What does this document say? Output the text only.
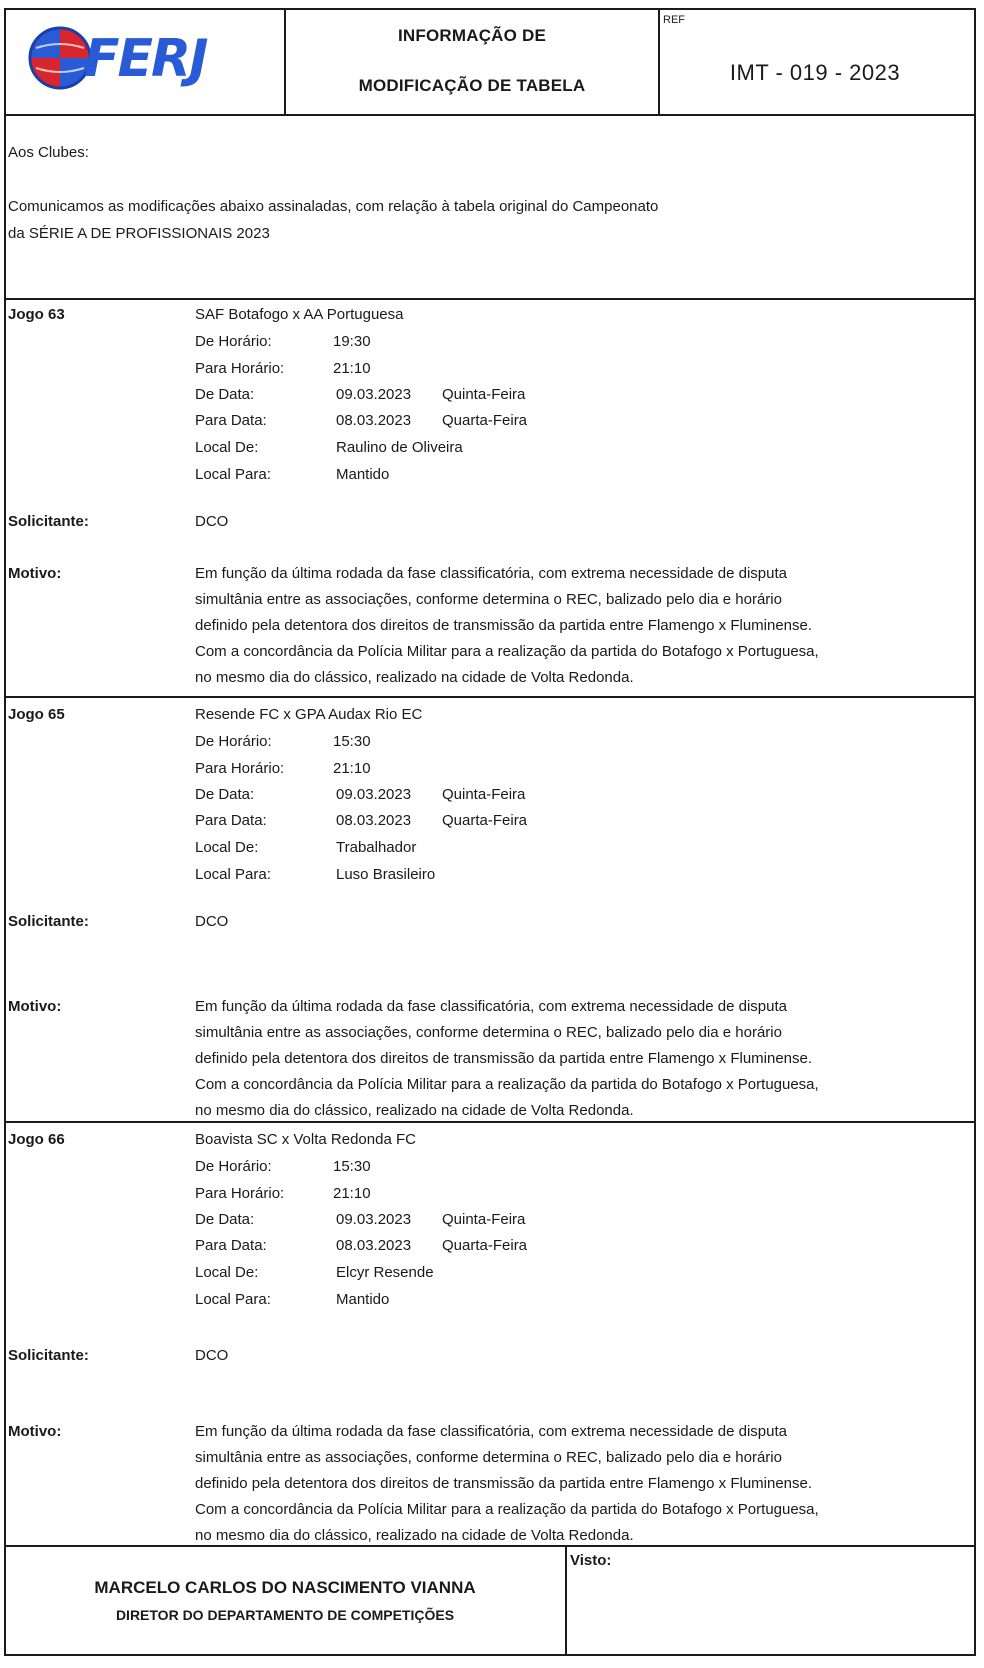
FERJ	INFORMAÇÃO DE
MODIFICAÇÃO DE TABELA
REF
IMT - 019 - 2023
Aos Clubes:
Comunicamos as modificações abaixo assinaladas, com relação à tabela original do Campeonato
da SÉRIE A DE PROFISSIONAIS 2023
Jogo 63	SAF Botafogo x AA Portuguesa
De Horário:	19:30
Para Horário:	21:10
De Data:	09.03.2023 Quinta-Feira
Para Data:	08.03.2023 Quarta-Feira
Local De:	Raulino de Oliveira
Local Para:	Mantido
Solicitante:	DCO
Motivo:	Em função da última rodada da fase classificatória, com extrema necessidade de disputa
simultânia entre as associações, conforme determina o REC, balizado pelo dia e horário
definido pela detentora dos direitos de transmissão da partida entre Flamengo x Fluminense.
Com a concordância da Polícia Militar para a realização da partida do Botafogo x Portuguesa,
no mesmo dia do clássico, realizado na cidade de Volta Redonda.
Jogo 65	Resende FC x GPA Audax Rio EC
De Horário:	15:30
Para Horário:	21:10
De Data:	09.03.2023 Quinta-Feira
Para Data:	08.03.2023 Quarta-Feira
Local De:	Trabalhador
Local Para:	Luso Brasileiro
Solicitante:	DCO
Motivo:	Em função da última rodada da fase classificatória, com extrema necessidade de disputa
simultânia entre as associações, conforme determina o REC, balizado pelo dia e horário
definido pela detentora dos direitos de transmissão da partida entre Flamengo x Fluminense.
Com a concordância da Polícia Militar para a realização da partida do Botafogo x Portuguesa,
no mesmo dia do clássico, realizado na cidade de Volta Redonda.
Jogo 66	Boavista SC x Volta Redonda FC
De Horário:	15:30
Para Horário:	21:10
De Data:	09.03.2023 Quinta-Feira
Para Data:	08.03.2023 Quarta-Feira
Local De:	Elcyr Resende
Local Para:	Mantido
Solicitante:	DCO
Motivo:	Em função da última rodada da fase classificatória, com extrema necessidade de disputa
simultânia entre as associações, conforme determina o REC, balizado pelo dia e horário
definido pela detentora dos direitos de transmissão da partida entre Flamengo x Fluminense.
Com a concordância da Polícia Militar para a realização da partida do Botafogo x Portuguesa,
no mesmo dia do clássico, realizado na cidade de Volta Redonda.
MARCELO CARLOS DO NASCIMENTO VIANNA
DIRETOR DO DEPARTAMENTO DE COMPETIÇÕES
Visto:
